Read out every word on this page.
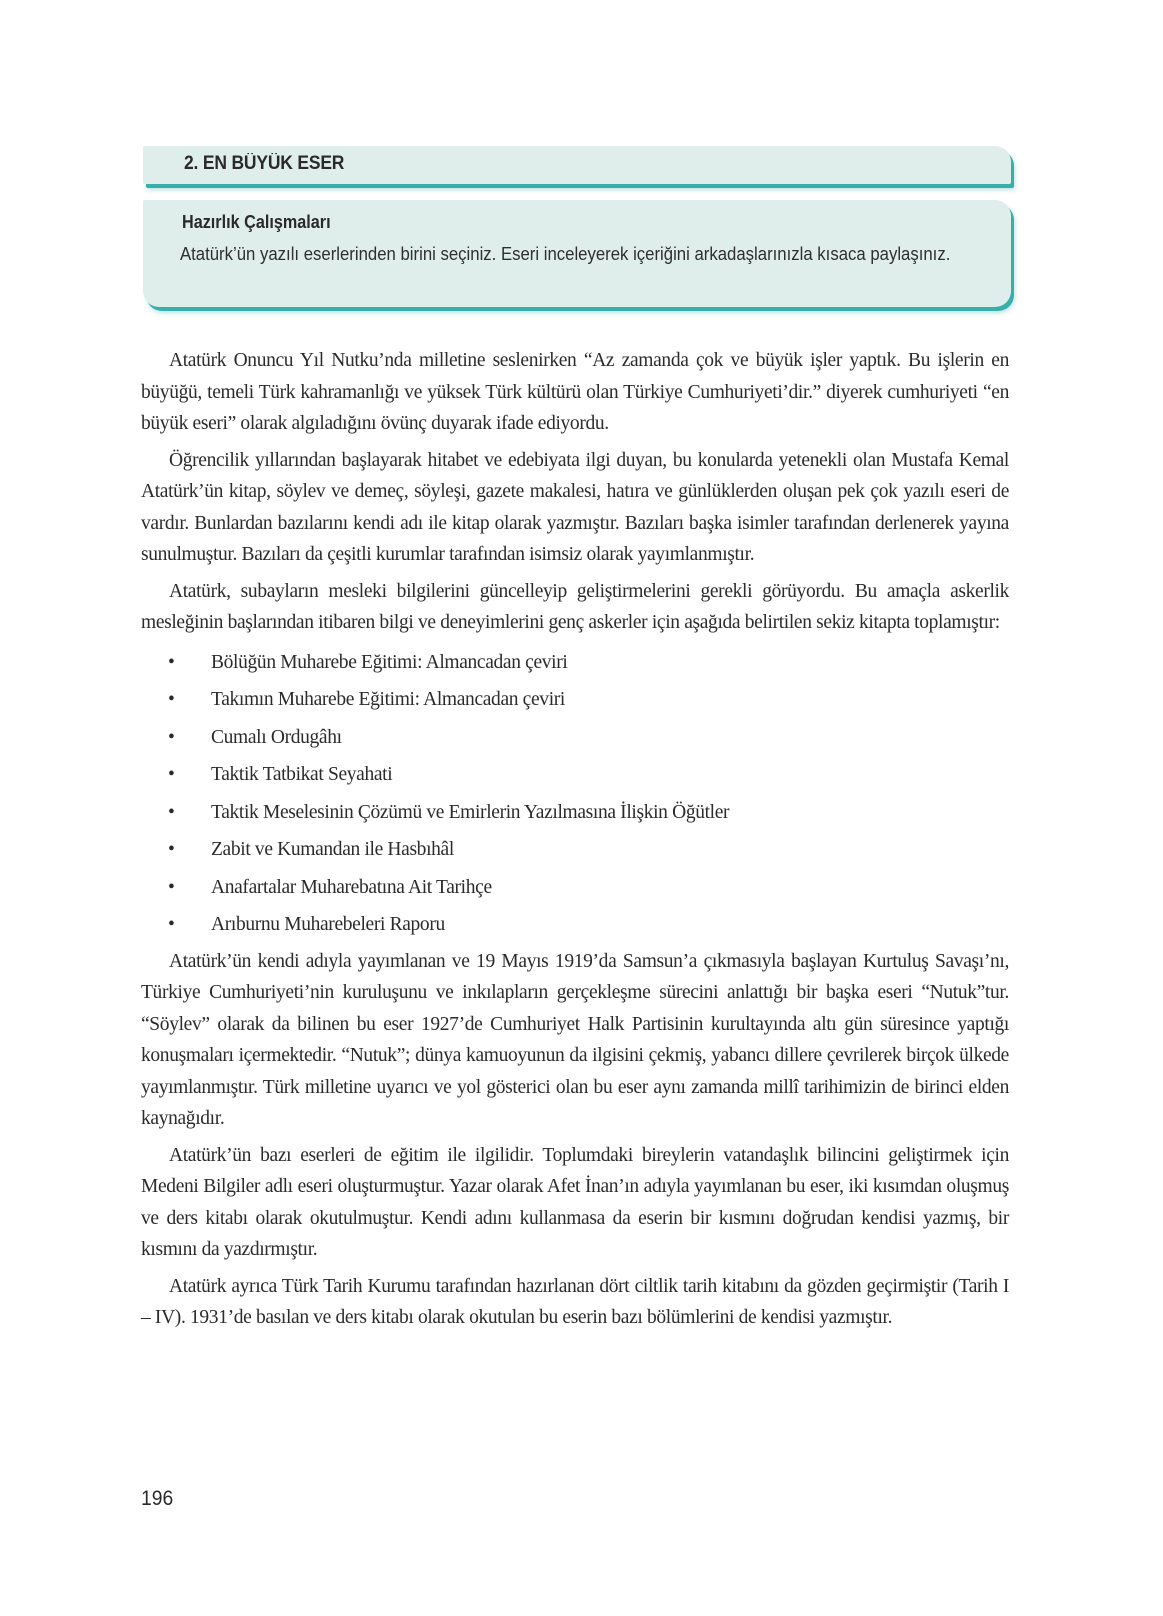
2. EN BÜYÜK ESER
Hazırlık Çalışmaları
Atatürk’ün yazılı eserlerinden birini seçiniz. Eseri inceleyerek içeriğini arkadaşlarınızla kısaca paylaşınız.

Atatürk Onuncu Yıl Nutku’nda milletine seslenirken “Az zamanda çok ve büyük işler yaptık. Bu işlerin en büyüğü, temeli Türk kahramanlığı ve yüksek Türk kültürü olan Türkiye Cumhuriyeti’dir.” diyerek cumhuriyeti “en büyük eseri” olarak algıladığını övünç duyarak ifade ediyordu.

Öğrencilik yıllarından başlayarak hitabet ve edebiyata ilgi duyan, bu konularda yetenekli olan Mustafa Kemal Atatürk’ün kitap, söylev ve demeç, söyleşi, gazete makalesi, hatıra ve günlüklerden oluşan pek çok yazılı eseri de vardır. Bunlardan bazılarını kendi adı ile kitap olarak yazmıştır. Bazıları başka isimler tarafından derlenerek yayına sunulmuştur. Bazıları da çeşitli kurumlar tarafından isimsiz olarak yayımlanmıştır.

Atatürk, subayların mesleki bilgilerini güncelleyip geliştirmelerini gerekli görüyordu. Bu amaçla askerlik mesleğinin başlarından itibaren bilgi ve deneyimlerini genç askerler için aşağıda belirtilen sekiz kitapta toplamıştır:

• Bölüğün Muharebe Eğitimi: Almancadan çeviri
• Takımın Muharebe Eğitimi: Almancadan çeviri
• Cumalı Ordugâhı
• Taktik Tatbikat Seyahati
• Taktik Meselesinin Çözümü ve Emirlerin Yazılmasına İlişkin Öğütler
• Zabit ve Kumandan ile Hasbıhâl
• Anafartalar Muharebatına Ait Tarihçe
• Arıburnu Muharebeleri Raporu

Atatürk’ün kendi adıyla yayımlanan ve 19 Mayıs 1919’da Samsun’a çıkmasıyla başlayan Kurtuluş Savaşı’nı, Türkiye Cumhuriyeti’nin kuruluşunu ve inkılapların gerçekleşme sürecini anlattığı bir başka eseri “Nutuk”tur. “Söylev” olarak da bilinen bu eser 1927’de Cumhuriyet Halk Partisinin kurultayında altı gün süresince yaptığı konuşmaları içermektedir. “Nutuk”; dünya kamuoyunun da ilgisini çekmiş, yabancı dillere çevrilerek birçok ülkede yayımlanmıştır. Türk milletine uyarıcı ve yol gösterici olan bu eser aynı zamanda millî tarihimizin de birinci elden kaynağıdır.

Atatürk’ün bazı eserleri de eğitim ile ilgilidir. Toplumdaki bireylerin vatandaşlık bilincini geliştirmek için Medeni Bilgiler adlı eseri oluşturmuştur. Yazar olarak Afet İnan’ın adıyla yayımlanan bu eser, iki kısımdan oluşmuş ve ders kitabı olarak okutulmuştur. Kendi adını kullanmasa da eserin bir kısmını doğrudan kendisi yazmış, bir kısmını da yazdırmıştır.

Atatürk ayrıca Türk Tarih Kurumu tarafından hazırlanan dört ciltlik tarih kitabını da gözden geçirmiştir (Tarih I – IV). 1931’de basılan ve ders kitabı olarak okutulan bu eserin bazı bölümlerini de kendisi yazmıştır.

196
